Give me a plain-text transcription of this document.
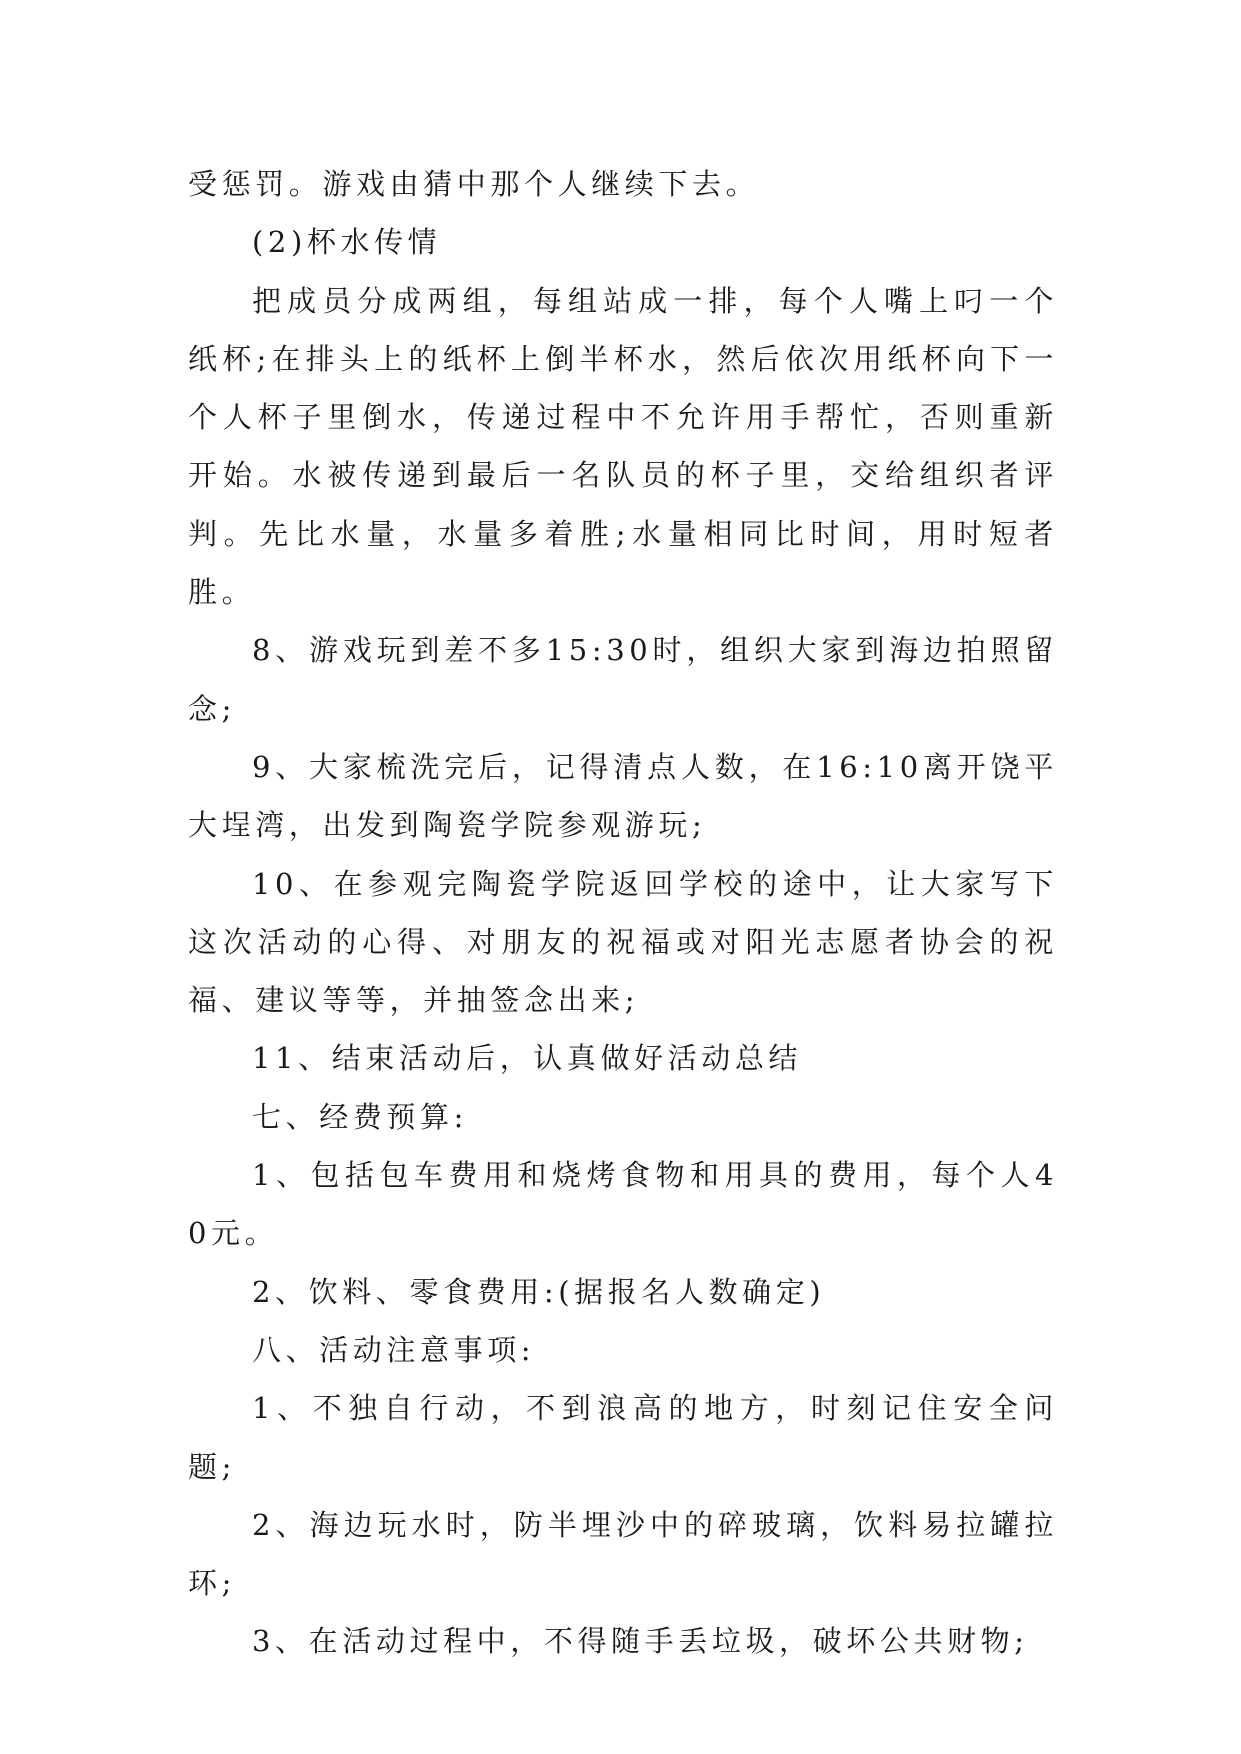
受惩罚。游戏由猜中那个人继续下去。

(2)杯水传情

把成员分成两组，每组站成一排，每个人嘴上叼一个纸杯;在排头上的纸杯上倒半杯水，然后依次用纸杯向下一个人杯子里倒水，传递过程中不允许用手帮忙，否则重新开始。水被传递到最后一名队员的杯子里，交给组织者评判。先比水量，水量多着胜;水量相同比时间，用时短者胜。

8、游戏玩到差不多15:30时，组织大家到海边拍照留念;

9、大家梳洗完后，记得清点人数，在16:10离开饶平大埕湾，出发到陶瓷学院参观游玩;

10、在参观完陶瓷学院返回学校的途中，让大家写下这次活动的心得、对朋友的祝福或对阳光志愿者协会的祝福、建议等等，并抽签念出来;

11、结束活动后，认真做好活动总结

七、经费预算:

1、包括包车费用和烧烤食物和用具的费用，每个人40元。

2、饮料、零食费用:(据报名人数确定)

八、活动注意事项:

1、不独自行动，不到浪高的地方，时刻记住安全问题;

2、海边玩水时，防半埋沙中的碎玻璃，饮料易拉罐拉环;

3、在活动过程中，不得随手丢垃圾，破坏公共财物;
